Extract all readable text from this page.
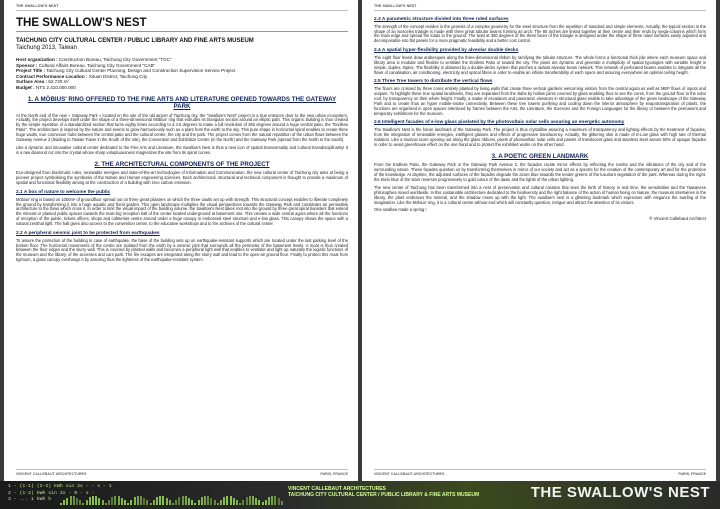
THE SWALLOW'S NEST
THE SWALLOW'S NEST
TAICHUNG CITY CULTURAL CENTER / PUBLIC LIBRARY AND FINE ARTS MUSEUM
Taichung 2013, Taiwan
Host organization : Construction Bureau, Taichung City Government "TGC"
Sponsor : Cultural Affairs Bureau, Taichung City Government "CAB"
Project Title : Taichung City Cultural Center Planning, Design and Construction Supervision Service Project
Contract Performance Location : Xituan District, Taichung City
Surface Area : 62.720 m²
Budget : NTS 2.410.000.000
1. A MÖBIUS' RING OFFERED TO THE FINE ARTS AND LITERATURE OPENED TOWARDS THE GATEWAY PARK

At the North end of the new « Gateway Park » located on the site of the old airport of Taichung city, the "Swallow's Nest" project is a true entrance door to the new urban ecosystem. Actually, the project develops itself under the shape of a three-dimensional Möbius' ring that extrudes its triangular section around an elliptic path. This organic building is thus created by the simple repetition of a standardized section that turns eighty times according to a 4.5 degrees to make a full revolution of 360 degrees around a huge central patio, the "Endless Patio". The architecture is inspired by the nature and seems to grow harmoniously such as a plant from the earth to the sky. This pure shape in horizontal spiral enables to create three huge vaults, true connexion hubs between the central patio and the cultural centre, the city and the park. The project comes from the natural repartition of the urban flows between the Gateway Avenue 2 (leading to Taiwan Tower in the South of the site), the Convention and Exhibition Centre (in the North) and the Gateway Park (spread from the North to the South).

Like a dynamic and innovative cultural center dedicated to the Fine Arts and Literature, the Swallow's Nest is thus a new icon of spatial transversality and cultural transdisciplinarity! It is a raw diamond cut into the crystal whose sharp voluptuousness magnetizes the site from its spiral curves.

2. THE ARCHITECTURAL COMPONENTS OF THE PROJECT

Eco-designed from bioclimatic rules, renewable energies and state-of-the-art technologies of Information and Communication, the new cultural center of Taichung city aims at being a pioneer project symbolising the symbiosis of the Nature and Human engineering sciences. Each architectural, structural and technical component is thought to provide a maximum of spatial and functional flexibility aiming at the construction of a building with zero carbon emission.

2.1 A box of nature to welcome the public

Möbius' ring is based on 1000m² of groundfloor spread out on three great pilasters on which the three vaults set up with strength. This structural concept enables to liberate completely the ground by transforming it into a huge aquatic and floral garden. This open landscape multiplies the visual perspectives towards the Gateway Park and constitutes an permeable architecture to the flows which cross it. In order to limit the visual impact of the building volume, the Swallow's Nest takes root into the ground by three great spiral banisters that extend the mineral or planted public spaces towards the main big reception hall of the center located underground at basement one. This creates a wide central agora where all the functions of reception of the public, tickets offices, shops and cafeterias centre around under a huge canopy in embossed steel structure and e-low glass. This canopy shows the space with a natural zenithal light. The hall gives also access to the convention center, to the educative workshops and to the archives of the cultural center.

2.2 A peripheral seismic joint to be protected from earthquakes

To assure the protection of the building in case of earthquake, the base of the building sets up on earthquake-resistant supports which are located under the last parking level of the bottom floor. The horizontal movements of the centre are isolated from the earth by a seismic joint that surrounds all the perimeter of the basement levels. A moat is thus created between the floor edges and the slurry wall. This is covered by planted walls and becomes a peripheral light well that enables to ventilate and light up naturally the logistic functions of the museum and the library, of the accesses and cars park. The fire escapes are integrated along the slurry wall and lead to the open-air ground floor. Finally to protect this moat from typhoon, a glass canopy overhangs it by assuring thus the lightness of the earthquake-resistant system.

VINCENT CALLEBAUT ARCHITECTURES	PARIS, FRANCE
THE SWALLOW'S NEST
2.3 A parametric structure divided into three ruled surfaces

The strength of the concept resides in the genesis of a complex geometry for the steel structure from the repetition of standard and simple elements. Actually, the typical section in the shape of an isosceles triangle is made with three great tubular beams forming an arch. The 80 arches are linked together at their centre and their ends by mega-columns which form the main edge and spread the loads to the ground. The twist at 360 degrees of the three faces of the triangle is designed under the shape of three ruled surfaces easily adjusted and decomposable into flat panels for a more pragmatic feasibility and a better cost control.

2.4 A spatial hyper-flexibility provided by alveolar double decks

The eight floor levels draw arabesques along the three-dimensional ribbon by ramifying the tubular structure. The whole forms a functional thick pile where each museum space and library area is modular and flexible to ventilate the Endless Patio or toward the city. The plans are dynamic and generate a multiplicity of spatial typologies with variable height in simple, duplex, triplex. The flexibility is obtained by a double-decks system that pinches a radiant alveolar beam network. This network of perforated beams enables to integrate all the flows of canalisation, air conditioning, electricity and optical fibres in order to enable an infinite transferability of each space and assuring everywhere an optimal ceiling height.

2.5 Three Tree towers to distribute the vertical flows

The floors are crossed by three cores entirely planted by living walls that create three vertical gardens welcoming visitors from the central agora as well as MEP flows of inputs and outputs. To highlight these true spatial landmarks, they are separated from the slabs by hollow joints covered by glass enabling thus to see the cores, from the ground floor to the solar roof, by transparency on their whole height. Finally, a snake of escalators and panoramic elevators in structural glass enable to take advantage of the green landscape of the Gateway Park and to create thus an hyper mobile-innate connectivity. Between these tree towers purifying and cooling down the interior atmosphere by evapotranspiration of plants, the functions are organised in open spaces interlaced by frames between the Arts, the Literature, the Sciences and the Foreign Languages for the library or between the permanent and temporary exhibitions for the museum.

2.6 Intelligent facades of e-low glass pixelated by the photovoltaic solar cells assuring an energetic autonomy

The Swallow's Nest is the future landmark of the Gateway Park. The project is thus crystalline assuring a maximum of transparency and lighting effects by the treatment of façades, from the integration of renewable energies, intelligent glasses and effects of progressive translucency. Actually, the glittering skin is made of E-Low glass with high rate of thermal isolation. Like a musical score opening out along the glass ribbons, pixels of photovoltaic solar cells and panels of translucent glass and stainless steel assure 50% of opaque façades in order to avoid greenhouse effect on the one hand and to protect the exhibited works on the other hand.

3. A POETIC GREEN LANDMARK

From the Endless Patio, the Gateway Park or the Gateway Park Avenue 2, the facades create mirror effects by reflecting the rustles and the vibrations of the city and of the surrounding nature. These façades question us by transforming themselves in mirror of our society and act as a spectre for the creation of the contemporary art and for the protection of the knowledge. At daytime, the adjusted surfaces of the façades degrade the azure blue towards the tender greens of the luxuriant vegetation of the park. Whereas during the night, the Klein blue of the stars reverses progressively to gold colour of the dawn and the lights of the urban lighting.

The new centre of Taichung has been transformed into a nest of preservation and cultural creation that sees the birth of history in real time, the sensitivities and the Taiwanese philosophies mixed worldwide. In this sustainable architecture dedicated to the biodiversity and the right balance of the action of human being on Nature, the museum intertwines in the library, the plant embraces the mineral, and the shadow mixes up with the light. The swallow's nest is a glittering landmark which expresses with elegance the swirling of the imagination. Like the Möbius' ring, it is a cultural centre without end which will constantly question, intrigue and attract the attention of its visitors.

One swallow made a spring !

® Vincent Callebaut Architect
VINCENT CALLEBAUT ARCHITECTURES	PARIS, FRANCE
1 - (1-1) (2-2) kWh sin 2x - - x - 1
2 - (1-2) kWh sin 2x - 0 - x -
3 - ... 1 kWh h
VINCENT CALLEBAUT ARCHITECTURES
TAICHUNG CITY CULTURAL CENTER / PUBLIC LIBRARY & FINE ARTS MUSEUM	THE SWALLOW'S NEST
